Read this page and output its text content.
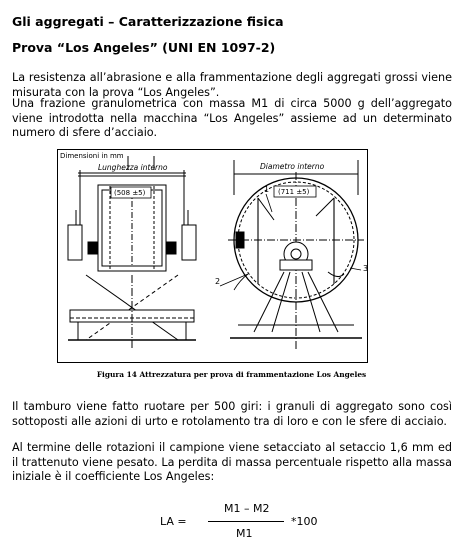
Gli aggregati – Caratterizzazione fisica
Prova “Los Angeles” (UNI EN 1097-2)

La resistenza all’abrasione e alla frammentazione degli aggregati grossi viene misurata con la prova “Los Angeles”.

Una frazione granulometrica con massa M1 di circa 5000 g dell’aggregato viene introdotta nella macchina “Los Angeles” assieme ad un determinato numero di sfere d’acciaio.

Dimensioni in mm
Lunghezza interno
(508 ±5)
Diametro interno
(711 ±5)
1
2
3
Figura 14 Attrezzatura per prova di frammentazione Los Angeles

Il tamburo viene fatto ruotare per 500 giri: i granuli di aggregato sono così sottoposti alle azioni di urto e rotolamento tra di loro e con le sfere di acciaio.

Al termine delle rotazioni il campione viene setacciato al setaccio 1,6 mm ed il trattenuto viene pesato. La perdita di massa percentuale rispetto alla massa iniziale è il coefficiente Los Angeles:

LA =
M1 – M2
M1
*100
